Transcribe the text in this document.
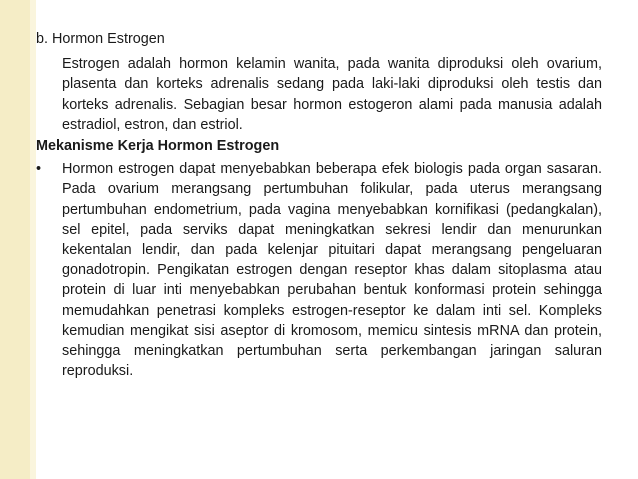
b. Hormon Estrogen
Estrogen adalah hormon kelamin wanita, pada wanita diproduksi oleh ovarium, plasenta dan korteks adrenalis sedang pada laki-laki diproduksi oleh testis dan korteks adrenalis. Sebagian besar hormon estogeron alami pada manusia adalah estradiol, estron, dan estriol.
Mekanisme Kerja Hormon Estrogen
• Hormon estrogen dapat menyebabkan beberapa efek biologis pada organ sasaran. Pada ovarium merangsang pertumbuhan folikular, pada uterus merangsang pertumbuhan endometrium, pada vagina menyebabkan kornifikasi (pedangkalan), sel epitel, pada serviks dapat meningkatkan sekresi lendir dan menurunkan kekentalan lendir, dan pada kelenjar pituitari dapat merangsang pengeluaran gonadotropin. Pengikatan estrogen dengan reseptor khas dalam sitoplasma atau protein di luar inti menyebabkan perubahan bentuk konformasi protein sehingga memudahkan penetrasi kompleks estrogen-reseptor ke dalam inti sel. Kompleks kemudian mengikat sisi aseptor di kromosom, memicu sintesis mRNA dan protein, sehingga meningkatkan pertumbuhan serta perkembangan jaringan saluran reproduksi.
